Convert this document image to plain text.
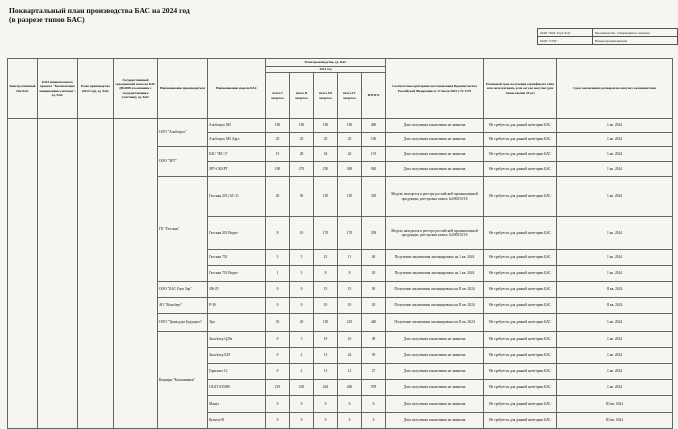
Поквартальный план производства БАС на 2024 год
(в разрезе типов БАС)
ООО "БАС Гоуп Зор"	Производство, утвержденное законом
ООО "СТК"	Новые производители
Конструктивный тип БАС	КПЭ национального проекта "Беспилотные авиационные системы", ед. БАС	План производства (2024 год), ед. БАС	Государственный гражданский заказ на БАС (ФОИВ и компании с государственным участием), ед. БАС	Наименование производителя	Наименование модели БАС	План производства, ед. БАС					Соответствие критериям постановления Правительства Российской Федерации от 17 июля 2023 г. № 1179	Плановый срок получения сертификата типа или эксплуатации, если он уже получен (для типов свыше 30 кг)	Срок заключения договоров на покупку компонентами
						2024 год							
						итого I квартал	итого II квартал	итого III квартал	итого IV квартал	ИТОГО			
				ООО "Альбатрос"	Альбатрос М5	100	100	100	100	400	Дата получения заключения не заявлена	Не требуется для данной категории БАС	1 кв. 2024
					Альбатрос М5 Agro	25	25	25	25	100	Дата получения заключения не заявлена	Не требуется для данной категории БАС	1 кв. 2024
				ООО "ЗРТ"	БАС "ФС-3"	15	28	34	42	119	Дата получения заключения не заявлена	Не требуется для данной категории БАС	1 кв. 2024
					ЗРТ-СКАРТ	100	270	250	300	920	Дата получения заключения не заявлена	Не требуется для данной категории БАС	1 кв. 2024
				ГК "Геоскан"	Геоскан 201 (АС-3)	20	30	150	150	350	Модель находится в реестре российской промышленной продукции, реестровая запись №000535/18	Не требуется для данной категории БАС	1 кв. 2024
					Геоскан 201 Видео	8	10	170	170	358	Модель находится в реестре российской промышленной продукции, реестровая запись №000535/18	Не требуется для данной категории БАС	1 кв. 2024
					Геоскан 701	3	5	21	11	40	Получение заключения запланировано на 1 кв. 2024	Не требуется для данной категории БАС	1 кв. 2024
					Геоскан 701 Видео	1	3	8	8	20	Получение заключения запланировано на 1 кв. 2024	Не требуется для данной категории БАС	1 кв. 2024
				ООО "БАС Гоуп Зор"	ЗФ-25	0	0	15	15	30	Получение заключения запланировано на II кв. 2024	Не требуется для данной категории БАС	II кв. 2024
				АО "Вольберт"	Р-30	0	0	10	10	20	Получение заключения запланировано на II кв. 2024	Не требуется для данной категории БАС	II кв. 2024
				ООО "Трансдорт Будущего"	Эра	35	45	150	210	440	Получение заключения запланировано на II кв. 2024	Не требуется для данной категории БАС	1 кв. 2024
				Концерн "Калашников"	Зала/кэтр Q29а	0	3	19	16	38	Дата получения заключения не заявлена	Не требуется для данной категории БАС	1 кв. 2024
					Зала/кэтр Е29	0	2	13	24	39	Дата получения заключения не заявлена	Не требуется для данной категории БАС	1 кв. 2024
					Горизонт 12	0	2	13	12	27	Дата получения заключения не заявлена	Не требуется для данной категории БАС	1 кв. 2024
					СКАТ S350М	219	250	264	260	978	Дата получения заключения не заявлена	Не требуется для данной категории БАС	1 кв. 2024
					Мануэ	0	0	0	6	6	Дата получения заключения не заявлена	Не требуется для данной категории БАС	III кв. 2024
					Кузнец-81	0	0	0	4	4	Дата получения заключения не заявлена	Не требуется для данной категории БАС	III кв. 2024
